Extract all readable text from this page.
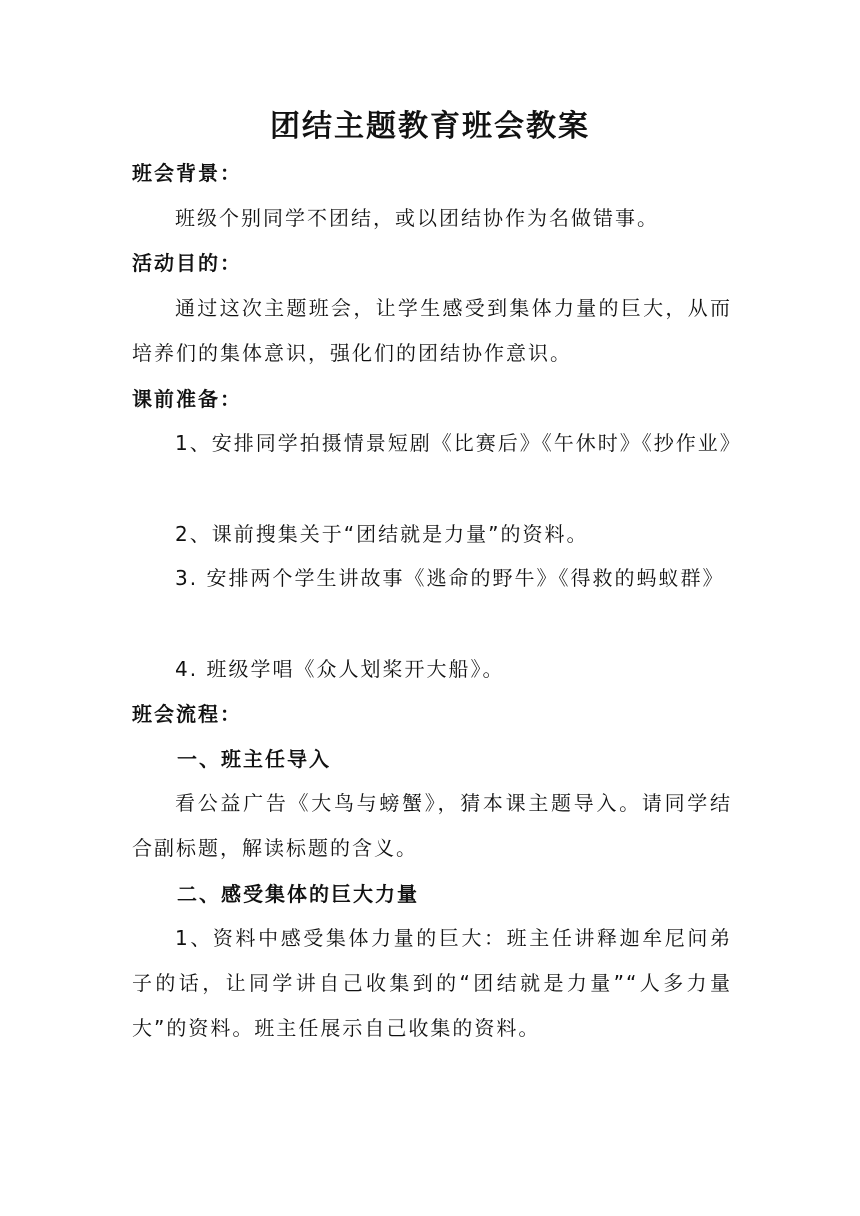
团结主题教育班会教案
班会背景：

班级个别同学不团结，或以团结协作为名做错事。

活动目的：

通过这次主题班会，让学生感受到集体力量的巨大，从而培养们的集体意识，强化们的团结协作意识。

课前准备：

1、安排同学拍摄情景短剧《比赛后》《午休时》《抄作业》

2、课前搜集关于“团结就是力量”的资料。

3. 安排两个学生讲故事《逃命的野牛》《得救的蚂蚁群》

4. 班级学唱《众人划桨开大船》。

班会流程：
一、班主任导入

看公益广告《大鸟与螃蟹》，猜本课主题导入。请同学结合副标题，解读标题的含义。

二、感受集体的巨大力量

1、资料中感受集体力量的巨大：班主任讲释迦牟尼问弟子的话，让同学讲自己收集到的“团结就是力量”“人多力量大”的资料。班主任展示自己收集的资料。
